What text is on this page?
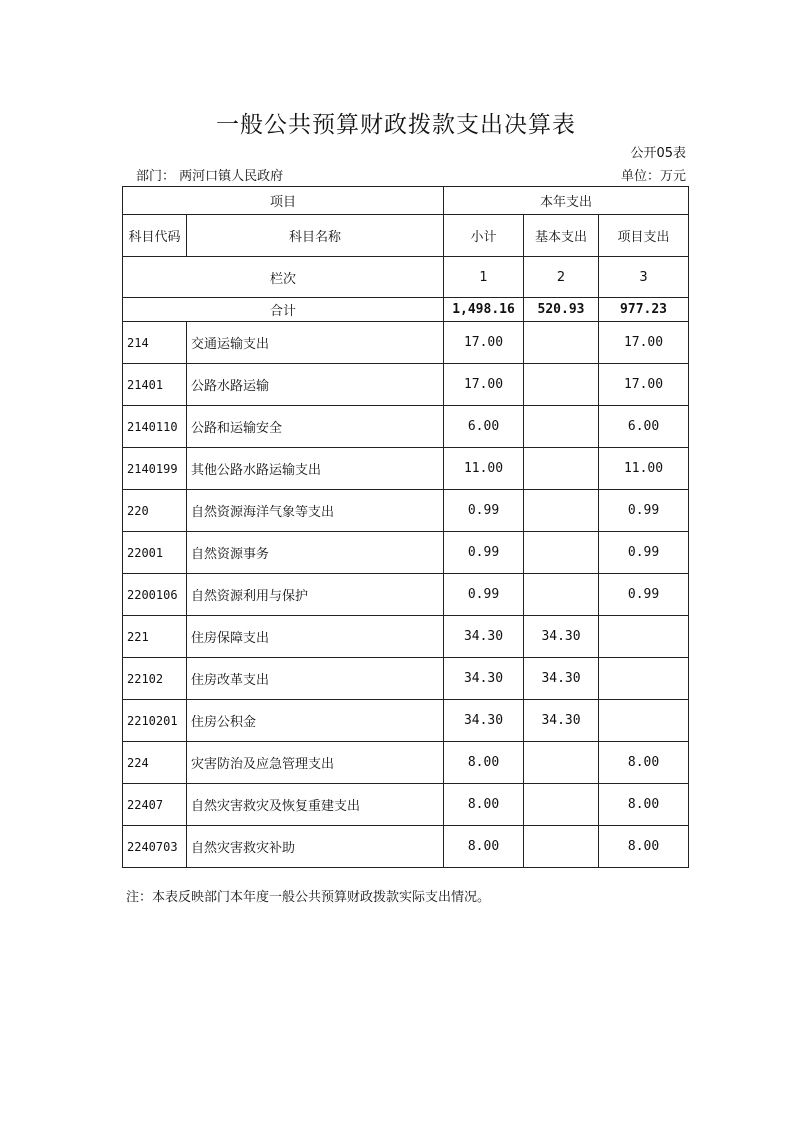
一般公共预算财政拨款支出决算表
公开05表
部门： 两河口镇人民政府	单位：万元
项目		本年支出		
科目代码	科目名称	小计	基本支出	项目支出
栏次		1	2	3
合计		1,498.16	520.93	977.23
214	交通运输支出	17.00		17.00
21401	公路水路运输	17.00		17.00
2140110	公路和运输安全	6.00		6.00
2140199	其他公路水路运输支出	11.00		11.00
220	自然资源海洋气象等支出	0.99		0.99
22001	自然资源事务	0.99		0.99
2200106	自然资源利用与保护	0.99		0.99
221	住房保障支出	34.30	34.30	
22102	住房改革支出	34.30	34.30	
2210201	住房公积金	34.30	34.30	
224	灾害防治及应急管理支出	8.00		8.00
22407	自然灾害救灾及恢复重建支出	8.00		8.00
2240703	自然灾害救灾补助	8.00		8.00
注：本表反映部门本年度一般公共预算财政拨款实际支出情况。
